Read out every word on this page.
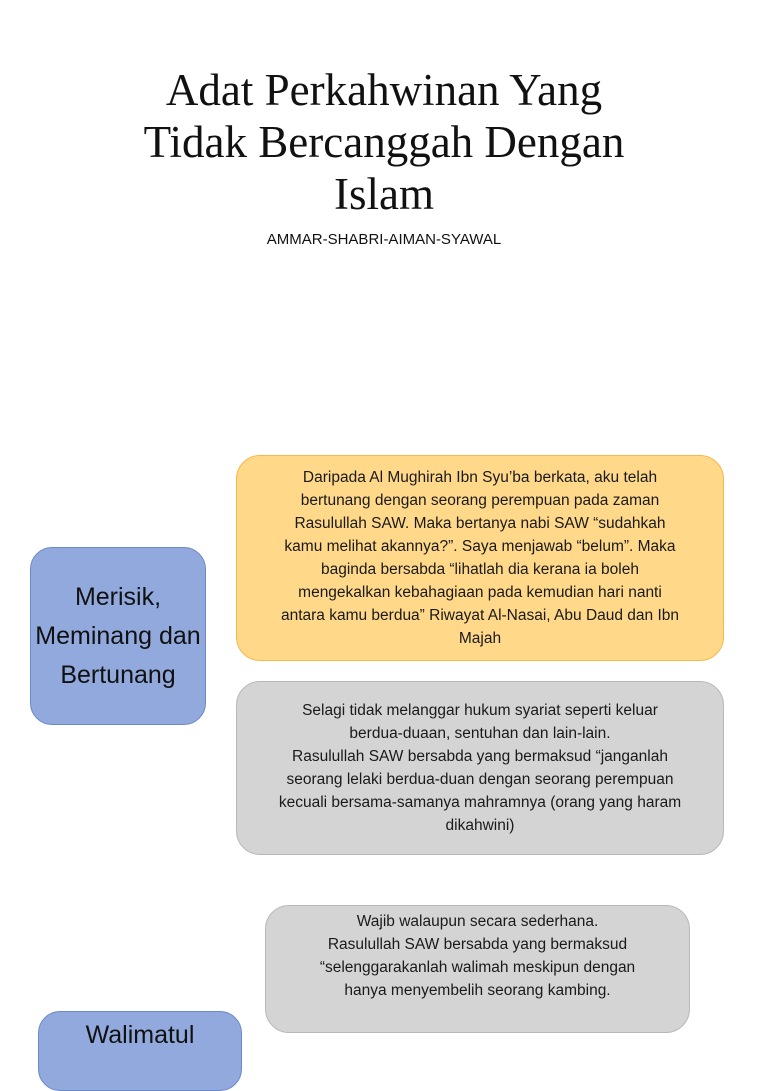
Adat Perkahwinan Yang
Tidak Bercanggah Dengan
Islam
AMMAR-SHABRI-AIMAN-SYAWAL
Daripada Al Mughirah Ibn Syu’ba berkata, aku telah
bertunang dengan seorang perempuan pada zaman
Rasulullah SAW. Maka bertanya nabi SAW “sudahkah
kamu melihat akannya?”. Saya menjawab “belum”. Maka
baginda bersabda “lihatlah dia kerana ia boleh
mengekalkan kebahagiaan pada kemudian hari nanti
antara kamu berdua” Riwayat Al-Nasai, Abu Daud dan Ibn
Majah
Merisik, Meminang dan Bertunang
Selagi tidak melanggar hukum syariat seperti keluar
berdua-duaan, sentuhan dan lain-lain.
Rasulullah SAW bersabda yang bermaksud “janganlah
seorang lelaki berdua-duan dengan seorang perempuan
kecuali bersama-samanya mahramnya (orang yang haram
dikahwini)
Wajib walaupun secara sederhana.
Rasulullah SAW bersabda yang bermaksud
“selenggarakanlah walimah meskipun dengan
hanya menyembelih seorang kambing.
Walimatul
